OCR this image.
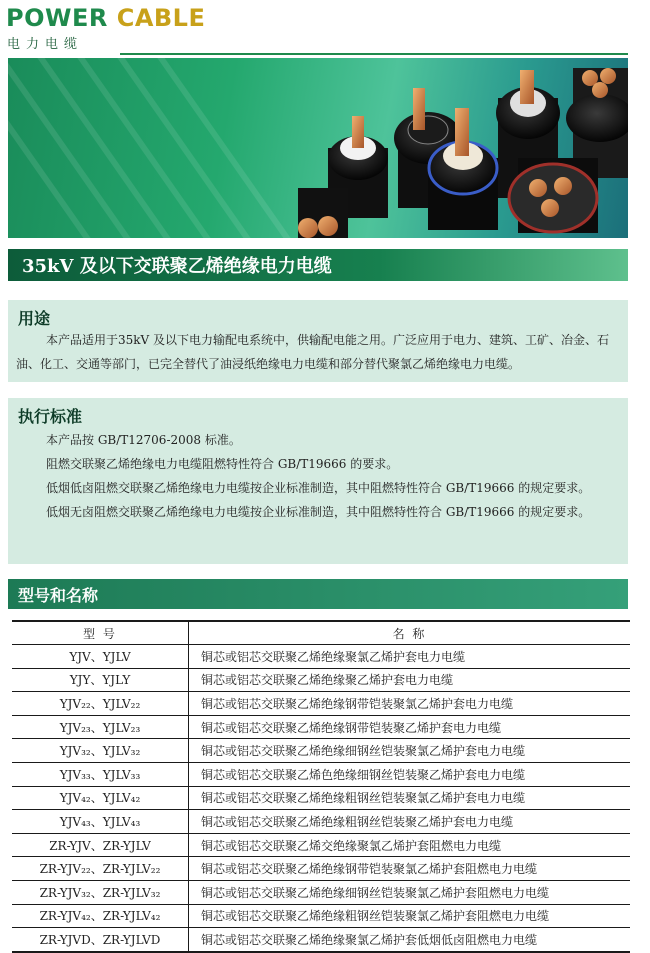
POWER CABLE
电力电缆
35kV 及以下交联聚乙烯绝缘电力电缆
用途
本产品适用于35kV 及以下电力输配电系统中，供输配电能之用。广泛应用于电力、建筑、工矿、冶金、石油、化工、交通等部门，已完全替代了油浸纸绝缘电力电缆和部分替代聚氯乙烯绝缘电力电缆。
执行标准

本产品按 GB/T12706-2008 标准。

阻燃交联聚乙烯绝缘电力电缆阻燃特性符合 GB/T19666 的要求。

低烟低卤阻燃交联聚乙烯绝缘电力电缆按企业标准制造，其中阻燃特性符合 GB/T19666 的规定要求。

低烟无卤阻燃交联聚乙烯绝缘电力电缆按企业标准制造，其中阻燃特性符合 GB/T19666 的规定要求。

型号和名称
型 号	名 称
YJV、YJLV	铜芯或铝芯交联聚乙烯绝缘聚氯乙烯护套电力电缆
YJY、YJLY	铜芯或铝芯交联聚乙烯绝缘聚乙烯护套电力电缆
YJV₂₂、YJLV₂₂	铜芯或铝芯交联聚乙烯绝缘钢带铠装聚氯乙烯护套电力电缆
YJV₂₃、YJLV₂₃	铜芯或铝芯交联聚乙烯绝缘钢带铠装聚乙烯护套电力电缆
YJV₃₂、YJLV₃₂	铜芯或铝芯交联聚乙烯绝缘细钢丝铠装聚氯乙烯护套电力电缆
YJV₃₃、YJLV₃₃	铜芯或铝芯交联聚乙烯色绝缘细钢丝铠装聚乙烯护套电力电缆
YJV₄₂、YJLV₄₂	铜芯或铝芯交联聚乙烯绝缘粗钢丝铠装聚氯乙烯护套电力电缆
YJV₄₃、YJLV₄₃	铜芯或铝芯交联聚乙烯绝缘粗钢丝铠装聚乙烯护套电力电缆
ZR-YJV、ZR-YJLV	铜芯或铝芯交联聚乙烯交绝缘聚氯乙烯护套阻燃电力电缆
ZR-YJV₂₂、ZR-YJLV₂₂	铜芯或铝芯交联聚乙烯绝缘钢带铠装聚氯乙烯护套阻燃电力电缆
ZR-YJV₃₂、ZR-YJLV₃₂	铜芯或铝芯交联聚乙烯绝缘细钢丝铠装聚氯乙烯护套阻燃电力电缆
ZR-YJV₄₂、ZR-YJLV₄₂	铜芯或铝芯交联聚乙烯绝缘粗钢丝铠装聚氯乙烯护套阻燃电力电缆
ZR-YJVD、ZR-YJLVD	铜芯或铝芯交联聚乙烯绝缘聚氯乙烯护套低烟低卤阻燃电力电缆
